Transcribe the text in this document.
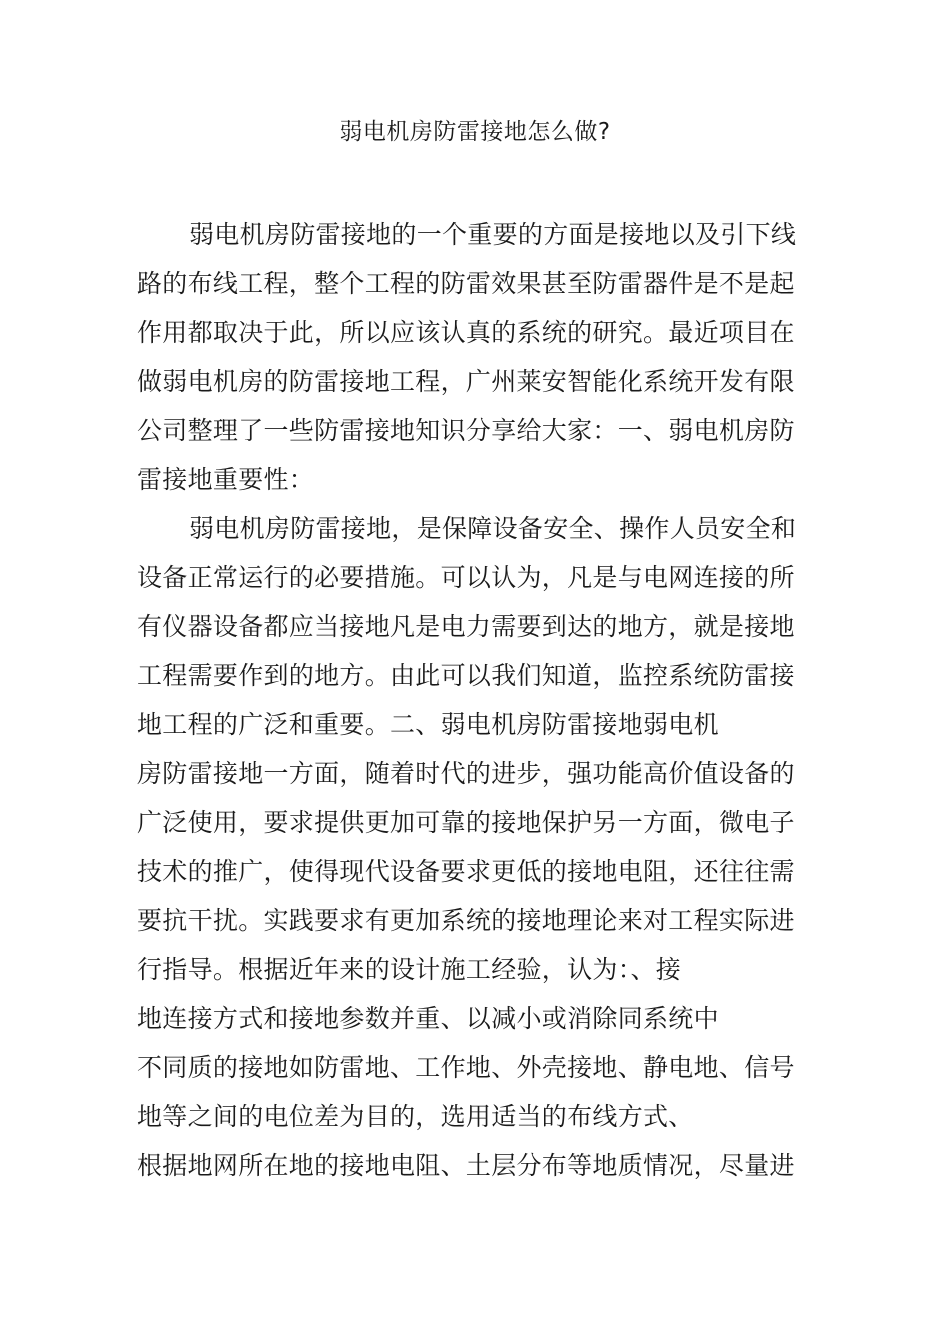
弱电机房防雷接地怎么做?
弱电机房防雷接地的一个重要的方面是接地以及引下线
路的布线工程，整个工程的防雷效果甚至防雷器件是不是起
作用都取决于此，所以应该认真的系统的研究。最近项目在
做弱电机房的防雷接地工程，广州莱安智能化系统开发有限
公司整理了一些防雷接地知识分享给大家：一、弱电机房防
雷接地重要性：
弱电机房防雷接地，是保障设备安全、操作人员安全和
设备正常运行的必要措施。可以认为，凡是与电网连接的所
有仪器设备都应当接地凡是电力需要到达的地方，就是接地
工程需要作到的地方。由此可以我们知道，监控系统防雷接
地工程的广泛和重要。二、弱电机房防雷接地弱电机
房防雷接地一方面，随着时代的进步，强功能高价值设备的
广泛使用，要求提供更加可靠的接地保护另一方面，微电子
技术的推广，使得现代设备要求更低的接地电阻，还往往需
要抗干扰。实践要求有更加系统的接地理论来对工程实际进
行指导。根据近年来的设计施工经验，认为：、接
地连接方式和接地参数并重、以减小或消除同系统中
不同质的接地如防雷地、工作地、外壳接地、静电地、信号
地等之间的电位差为目的，选用适当的布线方式、
根据地网所在地的接地电阻、土层分布等地质情况，尽量进
